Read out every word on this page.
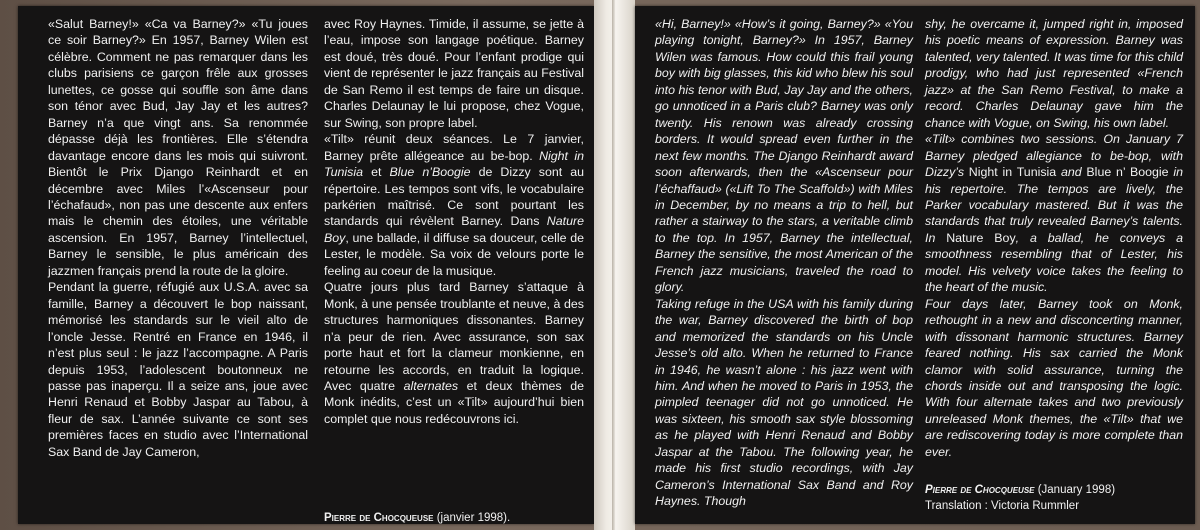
«Salut Barney!» «Ca va Barney?» «Tu joues ce soir Barney?» En 1957, Barney Wilen est célèbre. Comment ne pas remarquer dans les clubs parisiens ce garçon frêle aux grosses lunettes, ce gosse qui souffle son âme dans son ténor avec Bud, Jay Jay et les autres? Barney n’a que vingt ans. Sa renommée dépasse déjà les frontières. Elle s’étendra davantage encore dans les mois qui suivront. Bientôt le Prix Django Reinhardt et en décembre avec Miles l’«Ascenseur pour l’échafaud», non pas une descente aux enfers mais le chemin des étoiles, une véritable ascension. En 1957, Barney l’intellectuel, Barney le sensible, le plus américain des jazzmen français prend la route de la gloire.

Pendant la guerre, réfugié aux U.S.A. avec sa famille, Barney a découvert le bop naissant, mémorisé les standards sur le vieil alto de l’oncle Jesse. Rentré en France en 1946, il n’est plus seul : le jazz l’accompagne. A Paris depuis 1953, l’adolescent boutonneux ne passe pas inaperçu. Il a seize ans, joue avec Henri Renaud et Bobby Jaspar au Tabou, à fleur de sax. L’année suivante ce sont ses premières faces en studio avec l’International Sax Band de Jay Cameron,

avec Roy Haynes. Timide, il assume, se jette à l’eau, impose son langage poétique. Barney est doué, très doué. Pour l’enfant prodige qui vient de représenter le jazz français au Festival de San Remo il est temps de faire un disque. Charles Delaunay le lui propose, chez Vogue, sur Swing, son propre label.

«Tilt» réunit deux séances. Le 7 janvier, Barney prête allégeance au be-bop. Night in Tunisia et Blue n’Boogie de Dizzy sont au répertoire. Les tempos sont vifs, le vocabulaire parkérien maîtrisé. Ce sont pourtant les standards qui révèlent Barney. Dans Nature Boy, une ballade, il diffuse sa douceur, celle de Lester, le modèle. Sa voix de velours porte le feeling au coeur de la musique.

Quatre jours plus tard Barney s’attaque à Monk, à une pensée troublante et neuve, à des structures harmoniques dissonantes. Barney n’a peur de rien. Avec assurance, son sax porte haut et fort la clameur monkienne, en retourne les accords, en traduit la logique. Avec quatre alternates et deux thèmes de Monk inédits, c’est un «Tilt» aujourd’hui bien complet que nous redécouvrons ici.

Pierre de Chocqueuse (janvier 1998).

«Hi, Barney!» «How’s it going, Barney?» «You playing tonight, Barney?» In 1957, Barney Wilen was famous. How could this frail young boy with big glasses, this kid who blew his soul into his tenor with Bud, Jay Jay and the others, go unnoticed in a Paris club? Barney was only twenty. His renown was already crossing borders. It would spread even further in the next few months. The Django Reinhardt award soon afterwards, then the «Ascenseur pour l’échaffaud» («Lift To The Scaffold») with Miles in December, by no means a trip to hell, but rather a stairway to the stars, a veritable climb to the top. In 1957, Barney the intellectual, Barney the sensitive, the most American of the French jazz musicians, traveled the road to glory.

Taking refuge in the USA with his family during the war, Barney discovered the birth of bop and memorized the standards on his Uncle Jesse’s old alto. When he returned to France in 1946, he wasn’t alone : his jazz went with him. And when he moved to Paris in 1953, the pimpled teenager did not go unnoticed. He was sixteen, his smooth sax style blossoming as he played with Henri Renaud and Bobby Jaspar at the Tabou. The following year, he made his first studio recordings, with Jay Cameron’s International Sax Band and Roy Haynes. Though

shy, he overcame it, jumped right in, imposed his poetic means of expression. Barney was talented, very talented. It was time for this child prodigy, who had just represented «French jazz» at the San Remo Festival, to make a record. Charles Delaunay gave him the chance with Vogue, on Swing, his own label.

«Tilt» combines two sessions. On January 7 Barney pledged allegiance to be-bop, with Dizzy’s Night in Tunisia and Blue n’ Boogie in his repertoire. The tempos are lively, the Parker vocabulary mastered. But it was the standards that truly revealed Barney’s talents. In Nature Boy, a ballad, he conveys a smoothness resembling that of Lester, his model. His velvety voice takes the feeling to the heart of the music.

Four days later, Barney took on Monk, rethought in a new and disconcerting manner, with dissonant harmonic structures. Barney feared nothing. His sax carried the Monk clamor with solid assurance, turning the chords inside out and transposing the logic. With four alternate takes and two previously unreleased Monk themes, the «Tilt» that we are rediscovering today is more complete than ever.

Pierre de Chocqueuse (January 1998)
Translation : Victoria Rummler
